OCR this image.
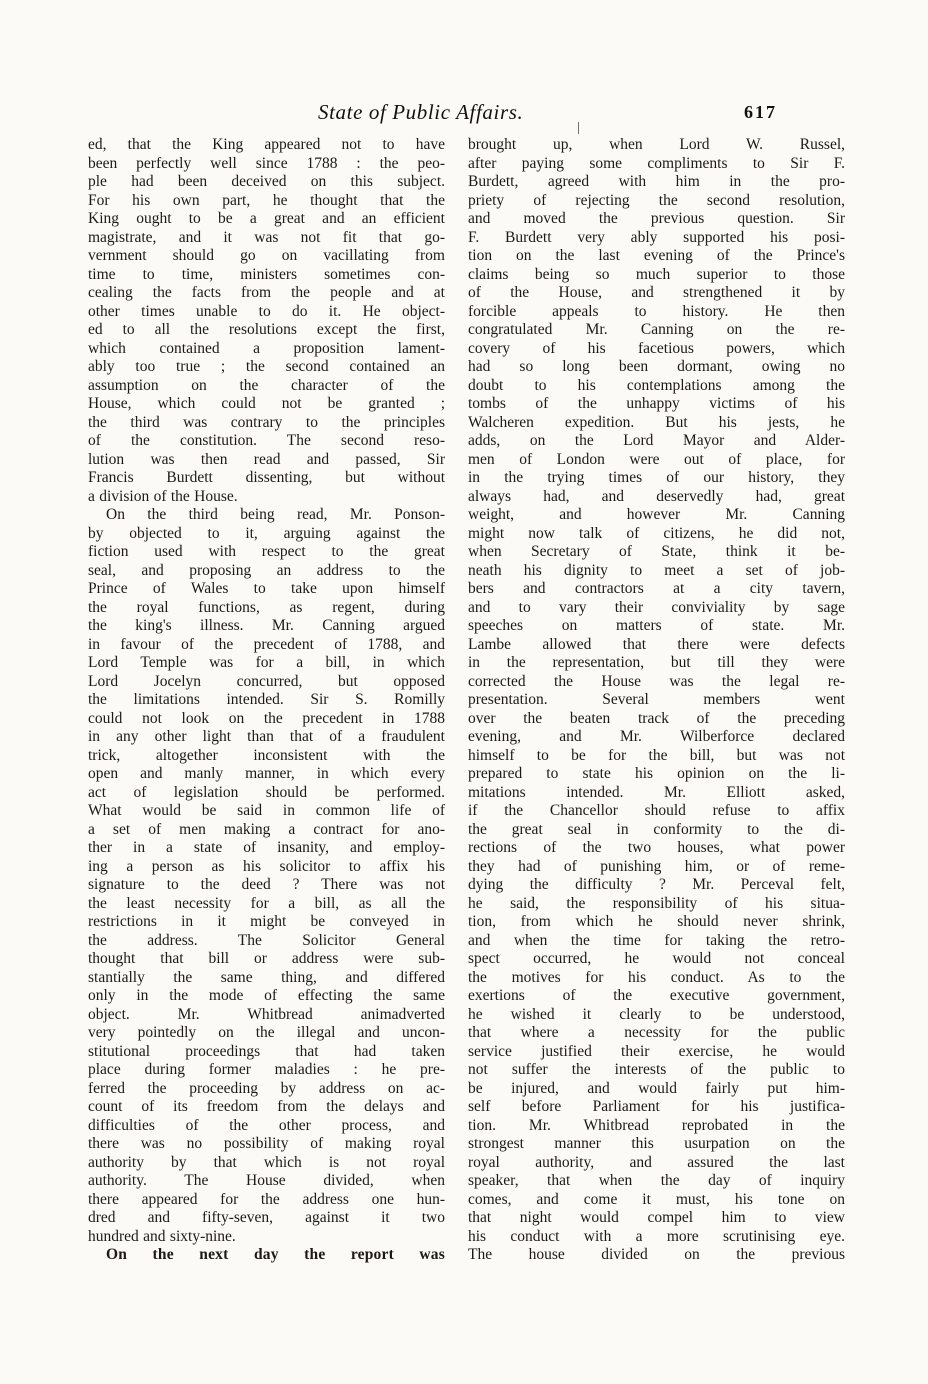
State of Public Affairs.	617
ed, that the King appeared not to have
been perfectly well since 1788 : the peo-
ple had been deceived on this subject.
For his own part, he thought that the
King ought to be a great and an efficient
magistrate, and it was not fit that go-
vernment should go on vacillating from
time to time, ministers sometimes con-
cealing the facts from the people and at
other times unable to do it. He object-
ed to all the resolutions except the first,
which contained a proposition lament-
ably too true ; the second contained an
assumption on the character of the
House, which could not be granted ;
the third was contrary to the principles
of the constitution. The second reso-
lution was then read and passed, Sir
Francis Burdett dissenting, but without
a division of the House.
On the third being read, Mr. Ponson-
by objected to it, arguing against the
fiction used with respect to the great
seal, and proposing an address to the
Prince of Wales to take upon himself
the royal functions, as regent, during
the king's illness. Mr. Canning argued
in favour of the precedent of 1788, and
Lord Temple was for a bill, in which
Lord Jocelyn concurred, but opposed
the limitations intended. Sir S. Romilly
could not look on the precedent in 1788
in any other light than that of a fraudulent
trick, altogether inconsistent with the
open and manly manner, in which every
act of legislation should be performed.
What would be said in common life of
a set of men making a contract for ano-
ther in a state of insanity, and employ-
ing a person as his solicitor to affix his
signature to the deed ? There was not
the least necessity for a bill, as all the
restrictions in it might be conveyed in
the address. The Solicitor General
thought that bill or address were sub-
stantially the same thing, and differed
only in the mode of effecting the same
object. Mr. Whitbread animadverted
very pointedly on the illegal and uncon-
stitutional proceedings that had taken
place during former maladies : he pre-
ferred the proceeding by address on ac-
count of its freedom from the delays and
difficulties of the other process, and
there was no possibility of making royal
authority by that which is not royal
authority. The House divided, when
there appeared for the address one hun-
dred and fifty-seven, against it two
hundred and sixty-nine.
On the next day the report was
brought up, when Lord W. Russel,
after paying some compliments to Sir F.
Burdett, agreed with him in the pro-
priety of rejecting the second resolution,
and moved the previous question. Sir
F. Burdett very ably supported his posi-
tion on the last evening of the Prince's
claims being so much superior to those
of the House, and strengthened it by
forcible appeals to history. He then
congratulated Mr. Canning on the re-
covery of his facetious powers, which
had so long been dormant, owing no
doubt to his contemplations among the
tombs of the unhappy victims of his
Walcheren expedition. But his jests, he
adds, on the Lord Mayor and Alder-
men of London were out of place, for
in the trying times of our history, they
always had, and deservedly had, great
weight, and however Mr. Canning
might now talk of citizens, he did not,
when Secretary of State, think it be-
neath his dignity to meet a set of job-
bers and contractors at a city tavern,
and to vary their conviviality by sage
speeches on matters of state. Mr.
Lambe allowed that there were defects
in the representation, but till they were
corrected the House was the legal re-
presentation. Several members went
over the beaten track of the preceding
evening, and Mr. Wilberforce declared
himself to be for the bill, but was not
prepared to state his opinion on the li-
mitations intended. Mr. Elliott asked,
if the Chancellor should refuse to affix
the great seal in conformity to the di-
rections of the two houses, what power
they had of punishing him, or of reme-
dying the difficulty ? Mr. Perceval felt,
he said, the responsibility of his situa-
tion, from which he should never shrink,
and when the time for taking the retro-
spect occurred, he would not conceal
the motives for his conduct. As to the
exertions of the executive government,
he wished it clearly to be understood,
that where a necessity for the public
service justified their exercise, he would
not suffer the interests of the public to
be injured, and would fairly put him-
self before Parliament for his justifica-
tion. Mr. Whitbread reprobated in the
strongest manner this usurpation on the
royal authority, and assured the last
speaker, that when the day of inquiry
comes, and come it must, his tone on
that night would compel him to view
his conduct with a more scrutinising eye.
The house divided on the previous
